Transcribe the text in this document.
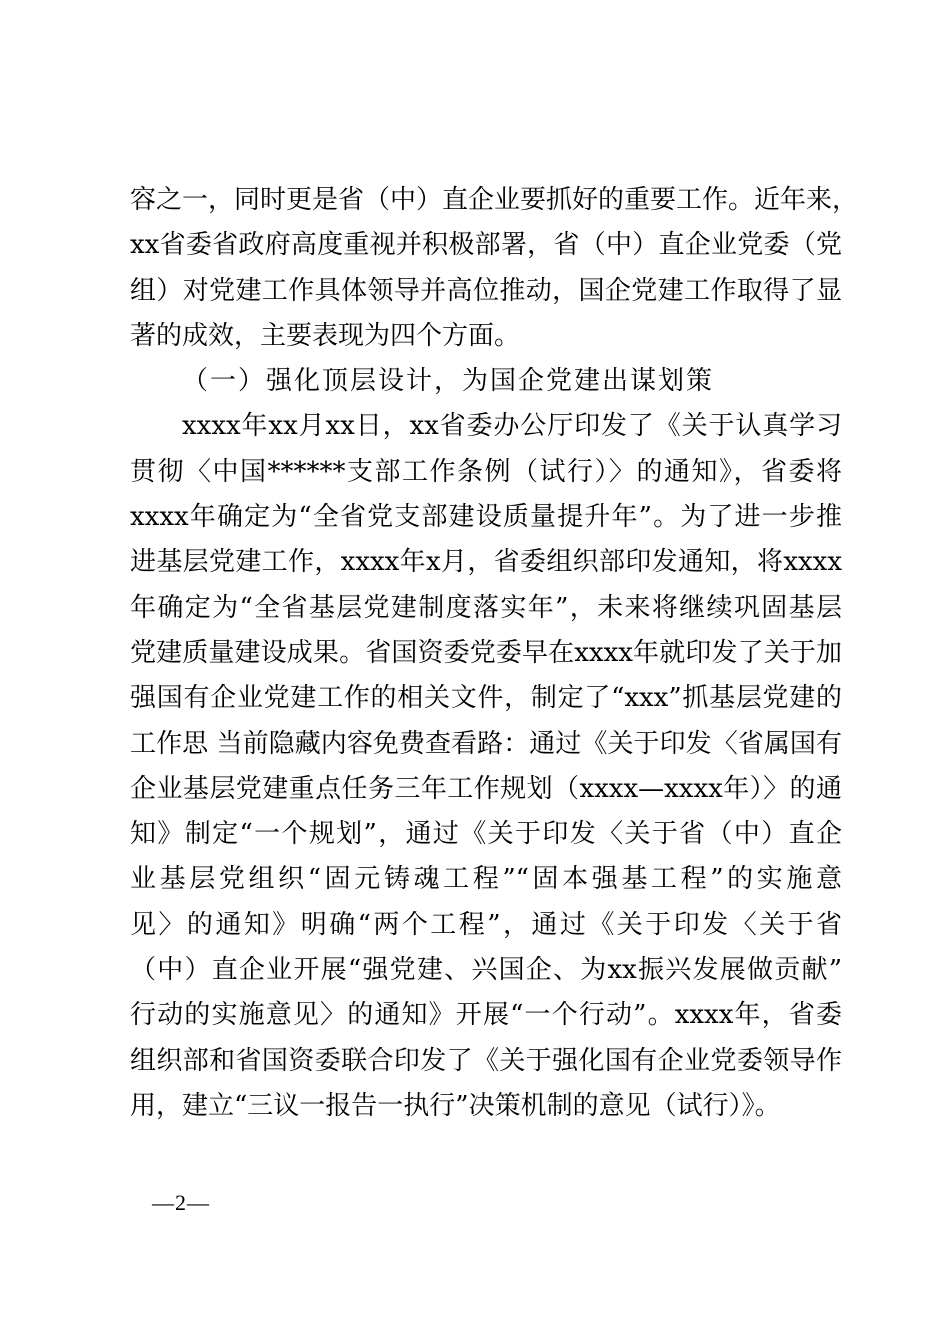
容之一，同时更是省（中）直企业要抓好的重要工作。近年来，
xx省委省政府高度重视并积极部署，省（中）直企业党委（党
组）对党建工作具体领导并高位推动，国企党建工作取得了显
著的成效，主要表现为四个方面。
（一）强化顶层设计，为国企党建出谋划策
xxxx年xx月xx日，xx省委办公厅印发了《关于认真学习
贯彻〈中国******支部工作条例（试行）〉的通知》，省委将
xxxx年确定为“全省党支部建设质量提升年”。为了进一步推
进基层党建工作，xxxx年x月，省委组织部印发通知，将xxxx
年确定为“全省基层党建制度落实年”，未来将继续巩固基层
党建质量建设成果。省国资委党委早在xxxx年就印发了关于加
强国有企业党建工作的相关文件，制定了“xxx”抓基层党建的
工作思 当前隐藏内容免费查看路：通过《关于印发〈省属国有
企业基层党建重点任务三年工作规划（xxxx—xxxx年）〉的通
知》制定“一个规划”，通过《关于印发〈关于省（中）直企
业基层党组织“固元铸魂工程”“固本强基工程”的实施意
见〉的通知》明确“两个工程”，通过《关于印发〈关于省
（中）直企业开展“强党建、兴国企、为xx振兴发展做贡献”
行动的实施意见〉的通知》开展“一个行动”。xxxx年，省委
组织部和省国资委联合印发了《关于强化国有企业党委领导作
用，建立“三议一报告一执行”决策机制的意见（试行）》。
—2—
